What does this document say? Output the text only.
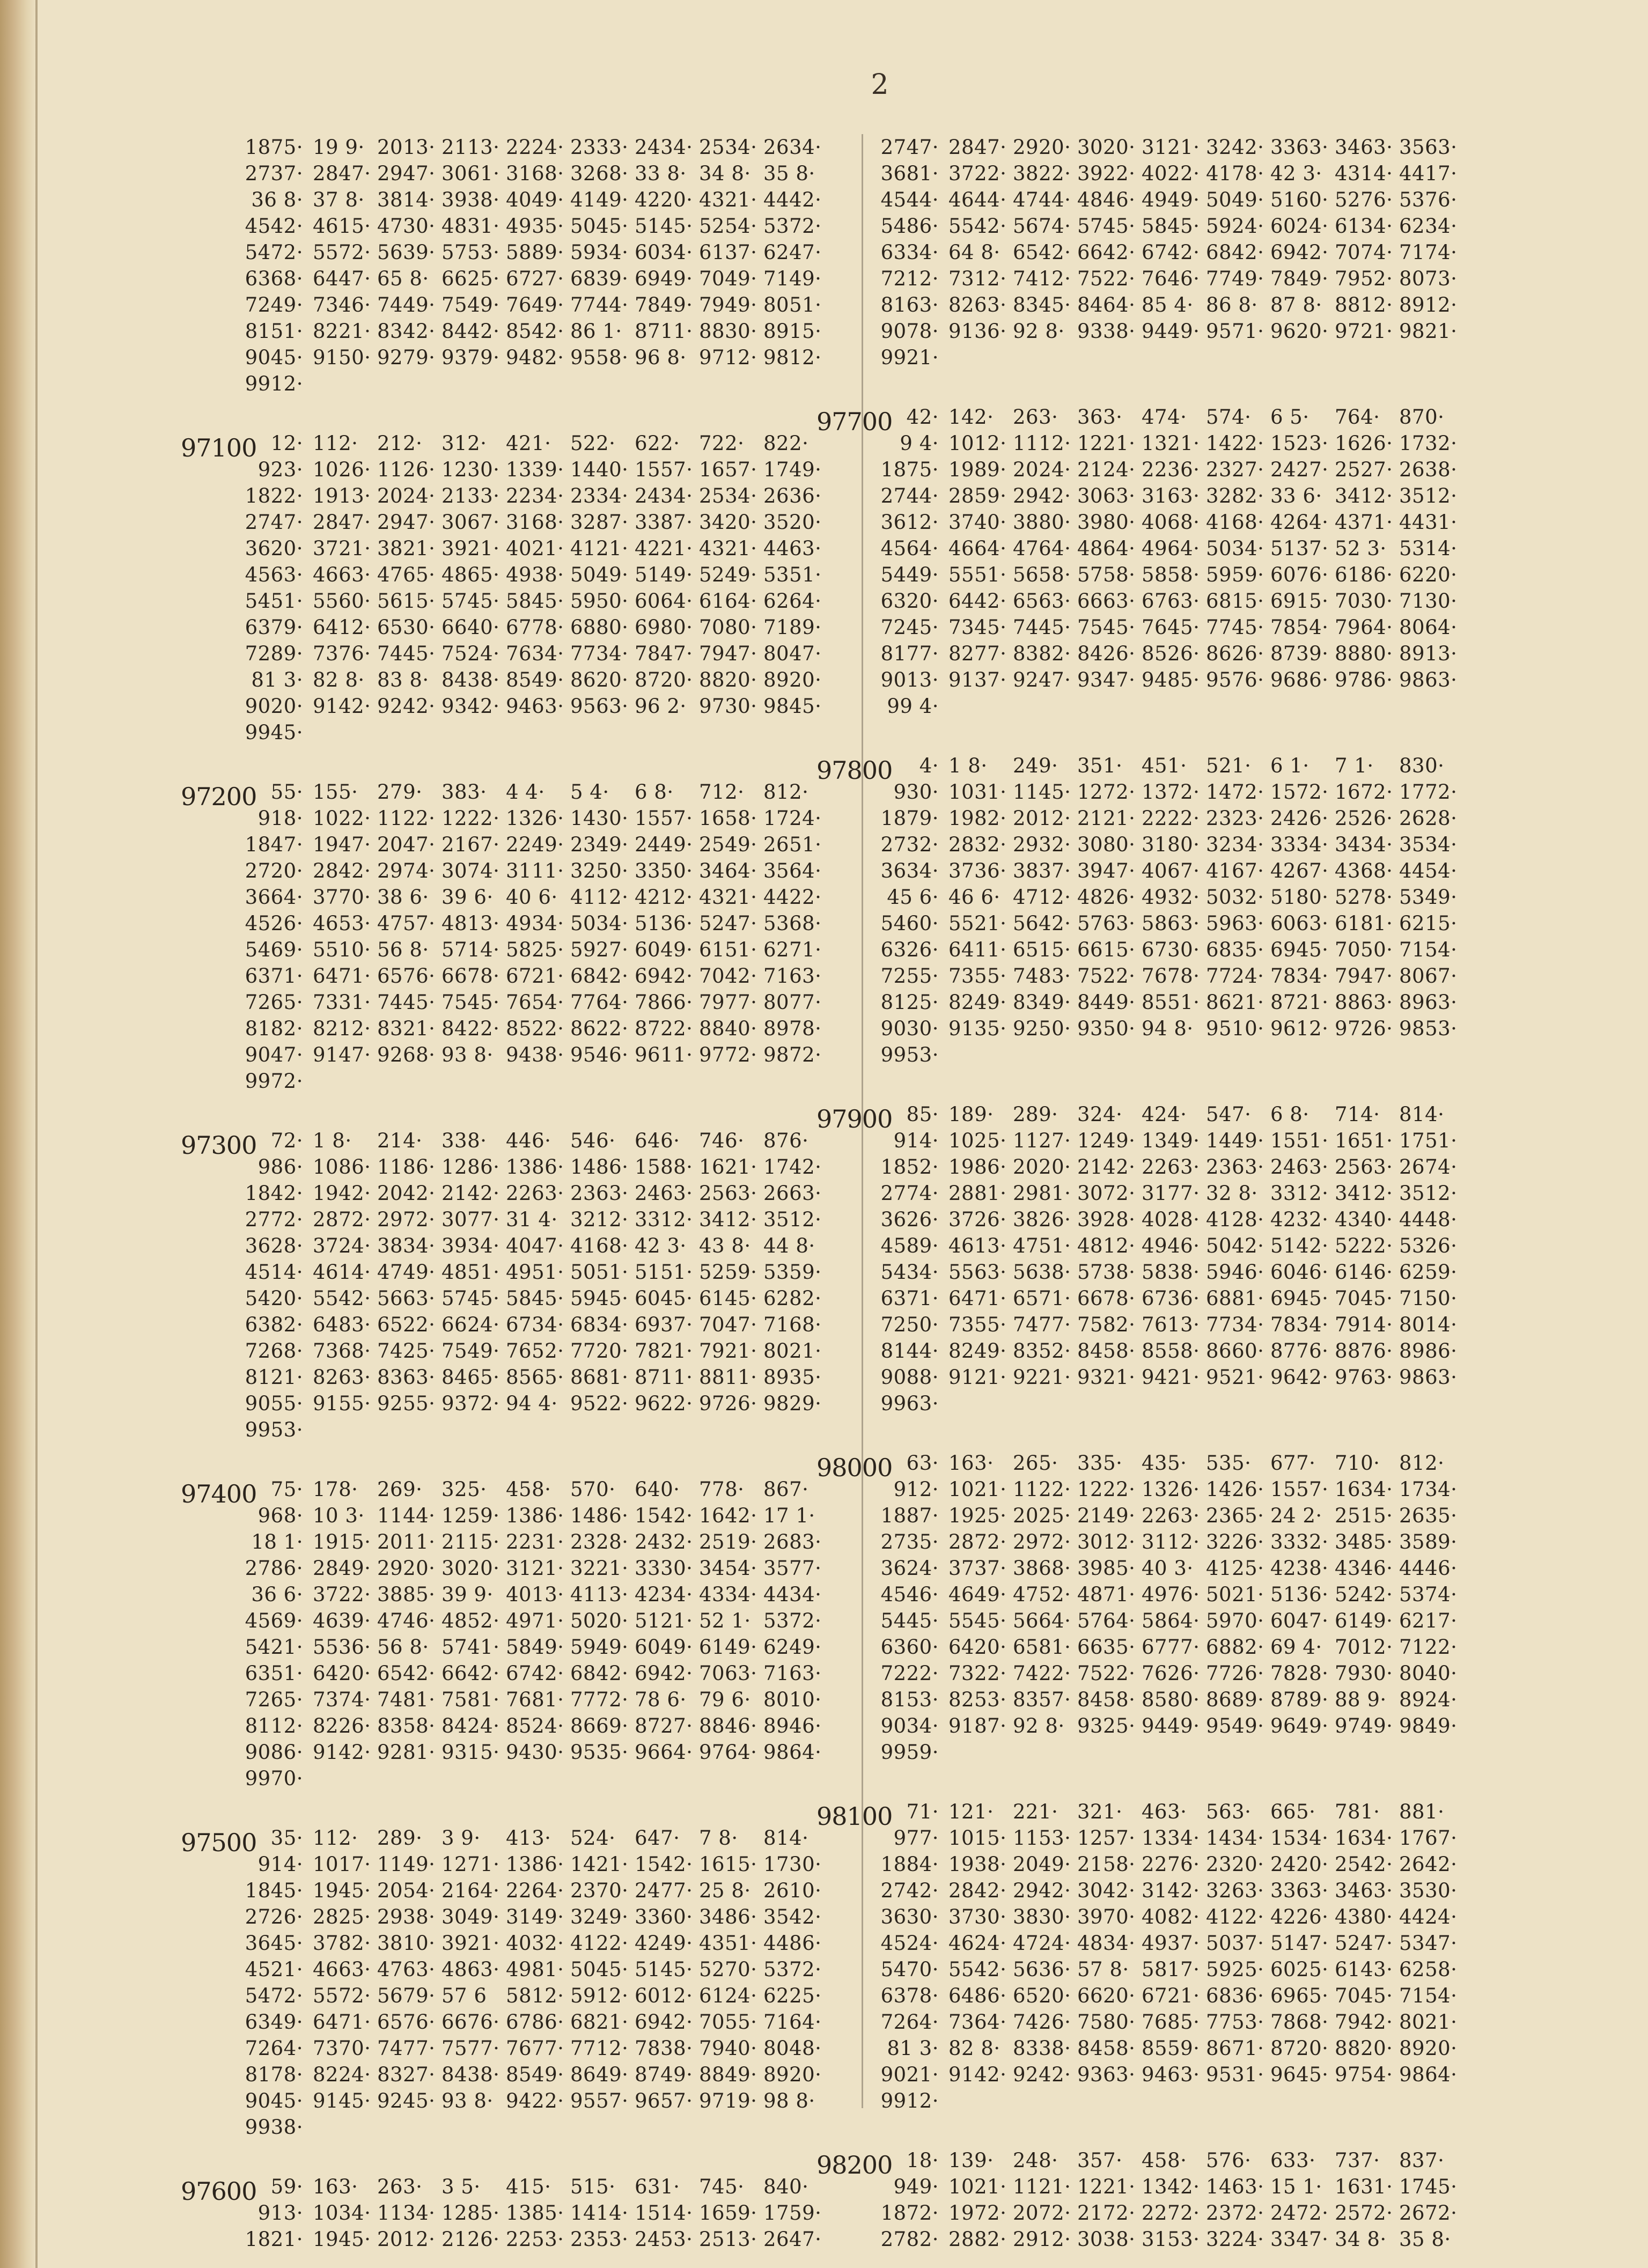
2
1875· 19 9· 2013· 2113· 2224· 2333· 2434· 2534· 2634·
2737· 2847· 2947· 3061· 3168· 3268· 33 8· 34 8· 35 8·
36 8· 37 8· 3814· 3938· 4049· 4149· 4220· 4321· 4442·
4542· 4615· 4730· 4831· 4935· 5045· 5145· 5254· 5372·
5472· 5572· 5639· 5753· 5889· 5934· 6034· 6137· 6247·
6368· 6447· 65 8· 6625· 6727· 6839· 6949· 7049· 7149·
7249· 7346· 7449· 7549· 7649· 7744· 7849· 7949· 8051·
8151· 8221· 8342· 8442· 8542· 86 1· 8711· 8830· 8915·
9045· 9150· 9279· 9379· 9482· 9558· 96 8· 9712· 9812·
9912·
97100 12· 112· 212· 312· 421· 522· 622· 722· 822·
923· 1026· 1126· 1230· 1339· 1440· 1557· 1657· 1749·
1822· 1913· 2024· 2133· 2234· 2334· 2434· 2534· 2636·
2747· 2847· 2947· 3067· 3168· 3287· 3387· 3420· 3520·
3620· 3721· 3821· 3921· 4021· 4121· 4221· 4321· 4463·
4563· 4663· 4765· 4865· 4938· 5049· 5149· 5249· 5351·
5451· 5560· 5615· 5745· 5845· 5950· 6064· 6164· 6264·
6379· 6412· 6530· 6640· 6778· 6880· 6980· 7080· 7189·
7289· 7376· 7445· 7524· 7634· 7734· 7847· 7947· 8047·
81 3· 82 8· 83 8· 8438· 8549· 8620· 8720· 8820· 8920·
9020· 9142· 9242· 9342· 9463· 9563· 96 2· 9730· 9845·
9945·
97200 55· 155· 279· 383· 4 4· 5 4· 6 8· 712· 812·
918· 1022· 1122· 1222· 1326· 1430· 1557· 1658· 1724·
1847· 1947· 2047· 2167· 2249· 2349· 2449· 2549· 2651·
2720· 2842· 2974· 3074· 3111· 3250· 3350· 3464· 3564·
3664· 3770· 38 6· 39 6· 40 6· 4112· 4212· 4321· 4422·
4526· 4653· 4757· 4813· 4934· 5034· 5136· 5247· 5368·
5469· 5510· 56 8· 5714· 5825· 5927· 6049· 6151· 6271·
6371· 6471· 6576· 6678· 6721· 6842· 6942· 7042· 7163·
7265· 7331· 7445· 7545· 7654· 7764· 7866· 7977· 8077·
8182· 8212· 8321· 8422· 8522· 8622· 8722· 8840· 8978·
9047· 9147· 9268· 93 8· 9438· 9546· 9611· 9772· 9872·
9972·
97300 72· 1 8· 214· 338· 446· 546· 646· 746· 876·
986· 1086· 1186· 1286· 1386· 1486· 1588· 1621· 1742·
1842· 1942· 2042· 2142· 2263· 2363· 2463· 2563· 2663·
2772· 2872· 2972· 3077· 31 4· 3212· 3312· 3412· 3512·
3628· 3724· 3834· 3934· 4047· 4168· 42 3· 43 8· 44 8·
4514· 4614· 4749· 4851· 4951· 5051· 5151· 5259· 5359·
5420· 5542· 5663· 5745· 5845· 5945· 6045· 6145· 6282·
6382· 6483· 6522· 6624· 6734· 6834· 6937· 7047· 7168·
7268· 7368· 7425· 7549· 7652· 7720· 7821· 7921· 8021·
8121· 8263· 8363· 8465· 8565· 8681· 8711· 8811· 8935·
9055· 9155· 9255· 9372· 94 4· 9522· 9622· 9726· 9829·
9953·
97400 75· 178· 269· 325· 458· 570· 640· 778· 867·
968· 10 3· 1144· 1259· 1386· 1486· 1542· 1642· 17 1·
18 1· 1915· 2011· 2115· 2231· 2328· 2432· 2519· 2683·
2786· 2849· 2920· 3020· 3121· 3221· 3330· 3454· 3577·
36 6· 3722· 3885· 39 9· 4013· 4113· 4234· 4334· 4434·
4569· 4639· 4746· 4852· 4971· 5020· 5121· 52 1· 5372·
5421· 5536· 56 8· 5741· 5849· 5949· 6049· 6149· 6249·
6351· 6420· 6542· 6642· 6742· 6842· 6942· 7063· 7163·
7265· 7374· 7481· 7581· 7681· 7772· 78 6· 79 6· 8010·
8112· 8226· 8358· 8424· 8524· 8669· 8727· 8846· 8946·
9086· 9142· 9281· 9315· 9430· 9535· 9664· 9764· 9864·
9970·
97500 35· 112· 289· 3 9· 413· 524· 647· 7 8· 814·
914· 1017· 1149· 1271· 1386· 1421· 1542· 1615· 1730·
1845· 1945· 2054· 2164· 2264· 2370· 2477· 25 8· 2610·
2726· 2825· 2938· 3049· 3149· 3249· 3360· 3486· 3542·
3645· 3782· 3810· 3921· 4032· 4122· 4249· 4351· 4486·
4521· 4663· 4763· 4863· 4981· 5045· 5145· 5270· 5372·
5472· 5572· 5679· 57 6 5812· 5912· 6012· 6124· 6225·
6349· 6471· 6576· 6676· 6786· 6821· 6942· 7055· 7164·
7264· 7370· 7477· 7577· 7677· 7712· 7838· 7940· 8048·
8178· 8224· 8327· 8438· 8549· 8649· 8749· 8849· 8920·
9045· 9145· 9245· 93 8· 9422· 9557· 9657· 9719· 98 8·
9938·
97600 59· 163· 263· 3 5· 415· 515· 631· 745· 840·
913· 1034· 1134· 1285· 1385· 1414· 1514· 1659· 1759·
1821· 1945· 2012· 2126· 2253· 2353· 2453· 2513· 2647·
2747· 2847· 2920· 3020· 3121· 3242· 3363· 3463· 3563·
3681· 3722· 3822· 3922· 4022· 4178· 42 3· 4314· 4417·
4544· 4644· 4744· 4846· 4949· 5049· 5160· 5276· 5376·
5486· 5542· 5674· 5745· 5845· 5924· 6024· 6134· 6234·
6334· 64 8· 6542· 6642· 6742· 6842· 6942· 7074· 7174·
7212· 7312· 7412· 7522· 7646· 7749· 7849· 7952· 8073·
8163· 8263· 8345· 8464· 85 4· 86 8· 87 8· 8812· 8912·
9078· 9136· 92 8· 9338· 9449· 9571· 9620· 9721· 9821·
9921·
97700 42· 142· 263· 363· 474· 574· 6 5· 764· 870·
9 4· 1012· 1112· 1221· 1321· 1422· 1523· 1626· 1732·
1875· 1989· 2024· 2124· 2236· 2327· 2427· 2527· 2638·
2744· 2859· 2942· 3063· 3163· 3282· 33 6· 3412· 3512·
3612· 3740· 3880· 3980· 4068· 4168· 4264· 4371· 4431·
4564· 4664· 4764· 4864· 4964· 5034· 5137· 52 3· 5314·
5449· 5551· 5658· 5758· 5858· 5959· 6076· 6186· 6220·
6320· 6442· 6563· 6663· 6763· 6815· 6915· 7030· 7130·
7245· 7345· 7445· 7545· 7645· 7745· 7854· 7964· 8064·
8177· 8277· 8382· 8426· 8526· 8626· 8739· 8880· 8913·
9013· 9137· 9247· 9347· 9485· 9576· 9686· 9786· 9863·
99 4·
97800	4· 1 8· 249· 351· 451· 521· 6 1· 7 1· 830·
930· 1031· 1145· 1272· 1372· 1472· 1572· 1672· 1772·
1879· 1982· 2012· 2121· 2222· 2323· 2426· 2526· 2628·
2732· 2832· 2932· 3080· 3180· 3234· 3334· 3434· 3534·
3634· 3736· 3837· 3947· 4067· 4167· 4267· 4368· 4454·
45 6· 46 6· 4712· 4826· 4932· 5032· 5180· 5278· 5349·
5460· 5521· 5642· 5763· 5863· 5963· 6063· 6181· 6215·
6326· 6411· 6515· 6615· 6730· 6835· 6945· 7050· 7154·
7255· 7355· 7483· 7522· 7678· 7724· 7834· 7947· 8067·
8125· 8249· 8349· 8449· 8551· 8621· 8721· 8863· 8963·
9030· 9135· 9250· 9350· 94 8· 9510· 9612· 9726· 9853·
9953·
97900 85· 189· 289· 324· 424· 547· 6 8· 714· 814·
914· 1025· 1127· 1249· 1349· 1449· 1551· 1651· 1751·
1852· 1986· 2020· 2142· 2263· 2363· 2463· 2563· 2674·
2774· 2881· 2981· 3072· 3177· 32 8· 3312· 3412· 3512·
3626· 3726· 3826· 3928· 4028· 4128· 4232· 4340· 4448·
4589· 4613· 4751· 4812· 4946· 5042· 5142· 5222· 5326·
5434· 5563· 5638· 5738· 5838· 5946· 6046· 6146· 6259·
6371· 6471· 6571· 6678· 6736· 6881· 6945· 7045· 7150·
7250· 7355· 7477· 7582· 7613· 7734· 7834· 7914· 8014·
8144· 8249· 8352· 8458· 8558· 8660· 8776· 8876· 8986·
9088· 9121· 9221· 9321· 9421· 9521· 9642· 9763· 9863·
9963·
98000 63· 163· 265· 335· 435· 535· 677· 710· 812·
912· 1021· 1122· 1222· 1326· 1426· 1557· 1634· 1734·
1887· 1925· 2025· 2149· 2263· 2365· 24 2· 2515· 2635·
2735· 2872· 2972· 3012· 3112· 3226· 3332· 3485· 3589·
3624· 3737· 3868· 3985· 40 3· 4125· 4238· 4346· 4446·
4546· 4649· 4752· 4871· 4976· 5021· 5136· 5242· 5374·
5445· 5545· 5664· 5764· 5864· 5970· 6047· 6149· 6217·
6360· 6420· 6581· 6635· 6777· 6882· 69 4· 7012· 7122·
7222· 7322· 7422· 7522· 7626· 7726· 7828· 7930· 8040·
8153· 8253· 8357· 8458· 8580· 8689· 8789· 88 9· 8924·
9034· 9187· 92 8· 9325· 9449· 9549· 9649· 9749· 9849·
9959·
98100 71· 121· 221· 321· 463· 563· 665· 781· 881·
977· 1015· 1153· 1257· 1334· 1434· 1534· 1634· 1767·
1884· 1938· 2049· 2158· 2276· 2320· 2420· 2542· 2642·
2742· 2842· 2942· 3042· 3142· 3263· 3363· 3463· 3530·
3630· 3730· 3830· 3970· 4082· 4122· 4226· 4380· 4424·
4524· 4624· 4724· 4834· 4937· 5037· 5147· 5247· 5347·
5470· 5542· 5636· 57 8· 5817· 5925· 6025· 6143· 6258·
6378· 6486· 6520· 6620· 6721· 6836· 6965· 7045· 7154·
7264· 7364· 7426· 7580· 7685· 7753· 7868· 7942· 8021·
81 3· 82 8· 8338· 8458· 8559· 8671· 8720· 8820· 8920·
9021· 9142· 9242· 9363· 9463· 9531· 9645· 9754· 9864·
9912·
98200 18· 139· 248· 357· 458· 576· 633· 737· 837·
949· 1021· 1121· 1221· 1342· 1463· 15 1· 1631· 1745·
1872· 1972· 2072· 2172· 2272· 2372· 2472· 2572· 2672·
2782· 2882· 2912· 3038· 3153· 3224· 3347· 34 8· 35 8·
